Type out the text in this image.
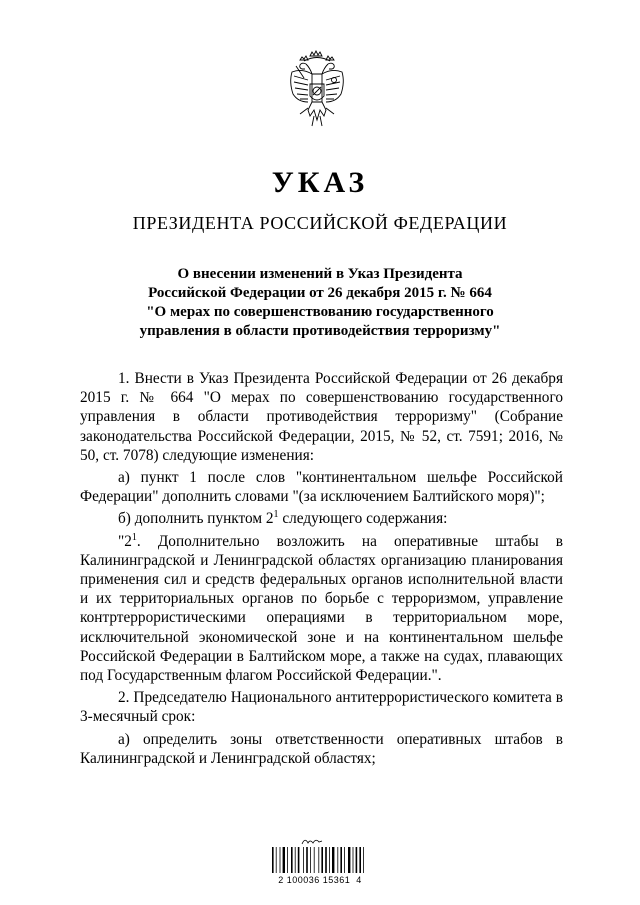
УКАЗ
ПРЕЗИДЕНТА РОССИЙСКОЙ ФЕДЕРАЦИИ
О внесении изменений в Указ Президента
Российской Федерации от 26 декабря 2015 г. № 664
"О мерах по совершенствованию государственного
управления в области противодействия терроризму"

1. Внести в Указ Президента Российской Федерации от 26 декабря 2015 г. № 664 "О мерах по совершенствованию государственного управления в области противодействия терроризму" (Собрание законодательства Российской Федерации, 2015, № 52, ст. 7591; 2016, № 50, ст. 7078) следующие изменения:

а) пункт 1 после слов "континентальном шельфе Российской Федерации" дополнить словами "(за исключением Балтийского моря)";

б) дополнить пунктом $2^1$ следующего содержания:

"$2^1$. Дополнительно возложить на оперативные штабы в Калининградской и Ленинградской областях организацию планирования применения сил и средств федеральных органов исполнительной власти и их территориальных органов по борьбе с терроризмом, управление контртеррористическими операциями в территориальном море, исключительной экономической зоне и на континентальном шельфе Российской Федерации в Балтийском море, а также на судах, плавающих под Государственным флагом Российской Федерации.".

2. Председателю Национального антитеррористического комитета в 3-месячный срок:

а) определить зоны ответственности оперативных штабов в Калининградской и Ленинградской областях;

2 100036 15361  4
